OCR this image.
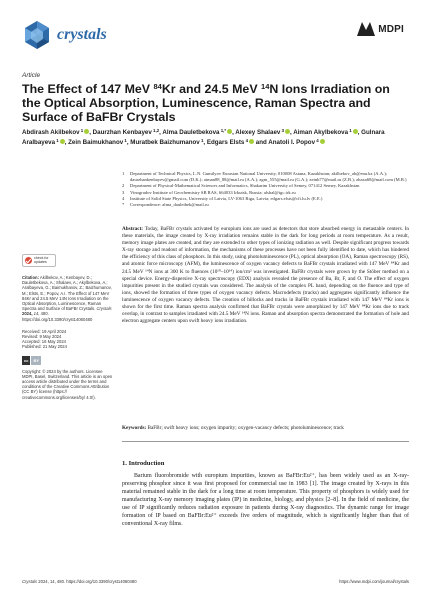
crystals	MDPI
Article
The Effect of 147 MeV $^{84}$Kr and 24.5 MeV $^{14}$N Ions Irradiation on the Optical Absorption, Luminescence, Raman Spectra and Surface of BaFBr Crystals
Abdirash Akilbekov $^1$ , Daurzhan Kenbayev $^{1,2}$, Alma Dauletbekova $^{1,*}$ , Alexey Shalaev $^3$ , Aiman Akylbekova $^1$ , Gulnara Aralbayeva $^1$ , Zein Baimukhanov $^1$, Muratbek Baizhumanov $^1$, Edgars Elsts $^4$ and Anatoli I. Popov $^4$
1	Department of Technical Physics, L.N. Gumilyov Eurasian National University, 010008 Astana, Kazakhstan; akilbekov_ab@enu.kz (A.A.); daurzhankenbayev@gmail.com (D.K.); aiman88_88@mail.ru (A.A.); agm_555@mail.ru (G.A.); zeinb77@mail.ru (Z.B.); zhaxa68@mail.com (M.B.)
2	Department of Physical-Mathematical Sciences and Informatics, Shakarim University of Semey, 071412 Semey, Kazakhstan
3	Vinogradov Institute of Geochemistry SB RAS, 664033 Irkutsk, Russia; alshal@igc.irk.ru
4	Institute of Solid State Physics, University of Latvia, LV-1063 Riga, Latvia; edgars.elsts@cfi.lu.lv (E.E.)
*	Correspondence: alma_dauletbek@mail.ru
check for updates
Citation: Akilbekov, A.; Kenbayev, D.; Dauletbekova, A.; Shalaev, A.; Akylbekova, A.; Aralbayeva, G.; Baimukhanov, Z.; Baizhumanov, M.; Elsts, E.; Popov, A.I. The Effect of 147 MeV 84Kr and 24.5 MeV 14N Ions Irradiation on the Optical Absorption, Luminescence, Raman Spectra and Surface of BaFBr Crystals. Crystals 2024, 14, 480. https://doi.org/10.3390/cryst14060480
Received: 19 April 2024
Revised: 9 May 2024
Accepted: 16 May 2024
Published: 21 May 2024
cc	BY
Copyright: © 2024 by the authors. Licensee MDPI, Basel, Switzerland. This article is an open access article distributed under the terms and conditions of the Creative Commons Attribution (CC BY) license (https:// creativecommons.org/licenses/by/ 4.0/).
Abstract: Today, BaFBr crystals activated by europium ions are used as detectors that store absorbed energy in metastable centers. In these materials, the image created by X-ray irradiation remains stable in the dark for long periods at room temperature. As a result, memory image plates are created, and they are extended to other types of ionizing radiation as well. Despite significant progress towards X-ray storage and readout of information, the mechanisms of these processes have not been fully identified to date, which has hindered the efficiency of this class of phosphors. In this study, using photoluminescence (PL), optical absorption (OA), Raman spectroscopy (RS), and atomic force microscopy (AFM), the luminescence of oxygen vacancy defects to BaFBr crystals irradiated with 147 MeV ⁸⁴Kr and 24.5 MeV ¹⁴N ions at 300 K to fluences (10¹⁰–10¹⁴) ion/cm² was investigated. BaFBr crystals were grown by the Stöber method on a special device. Energy-dispersive X-ray spectroscopy (EDX) analysis revealed the presence of Ba, Br, F, and O. The effect of oxygen impurities present in the studied crystals was considered. The analysis of the complex PL band, depending on the fluence and type of ions, showed the formation of three types of oxygen vacancy defects. Macrodefects (tracks) and aggregates significantly influence the luminescence of oxygen vacancy defects. The creation of hillocks and tracks in BaFBr crystals irradiated with 147 MeV ⁸⁴Kr ions is shown for the first time. Raman spectra analysis confirmed that BaFBr crystals were amorphized by 147 MeV ⁸⁴Kr ions due to track overlap, in contrast to samples irradiated with 24.5 MeV ¹⁴N ions. Raman and absorption spectra demonstrated the formation of hole and electron aggregate centers upon swift heavy ions irradiation.
Keywords: BaFBr; swift heavy ions; oxygen impurity; oxygen-vacancy defects; photoluminescence; track
1. Introduction
Barium fluorobromide with europium impurities, known as BaFBr:Eu²⁺, has been widely used as an X-ray-preserving phosphor since it was first proposed for commercial use in 1983 [1]. The image created by X-rays in this material remained stable in the dark for a long time at room temperature. This property of phosphors is widely used for manufacturing X-ray memory imaging plates (IP) in medicine, biology, and physics [2–8]. In the field of medicine, the use of IP significantly reduces radiation exposure in patients during X-ray diagnostics. The dynamic range for image formation of IP based on BaFBr:Eu²⁺ exceeds five orders of magnitude, which is significantly higher than that of conventional X-ray films.
Crystals 2024, 14, 480. https://doi.org/10.3390/cryst14060480	https://www.mdpi.com/journal/crystals
